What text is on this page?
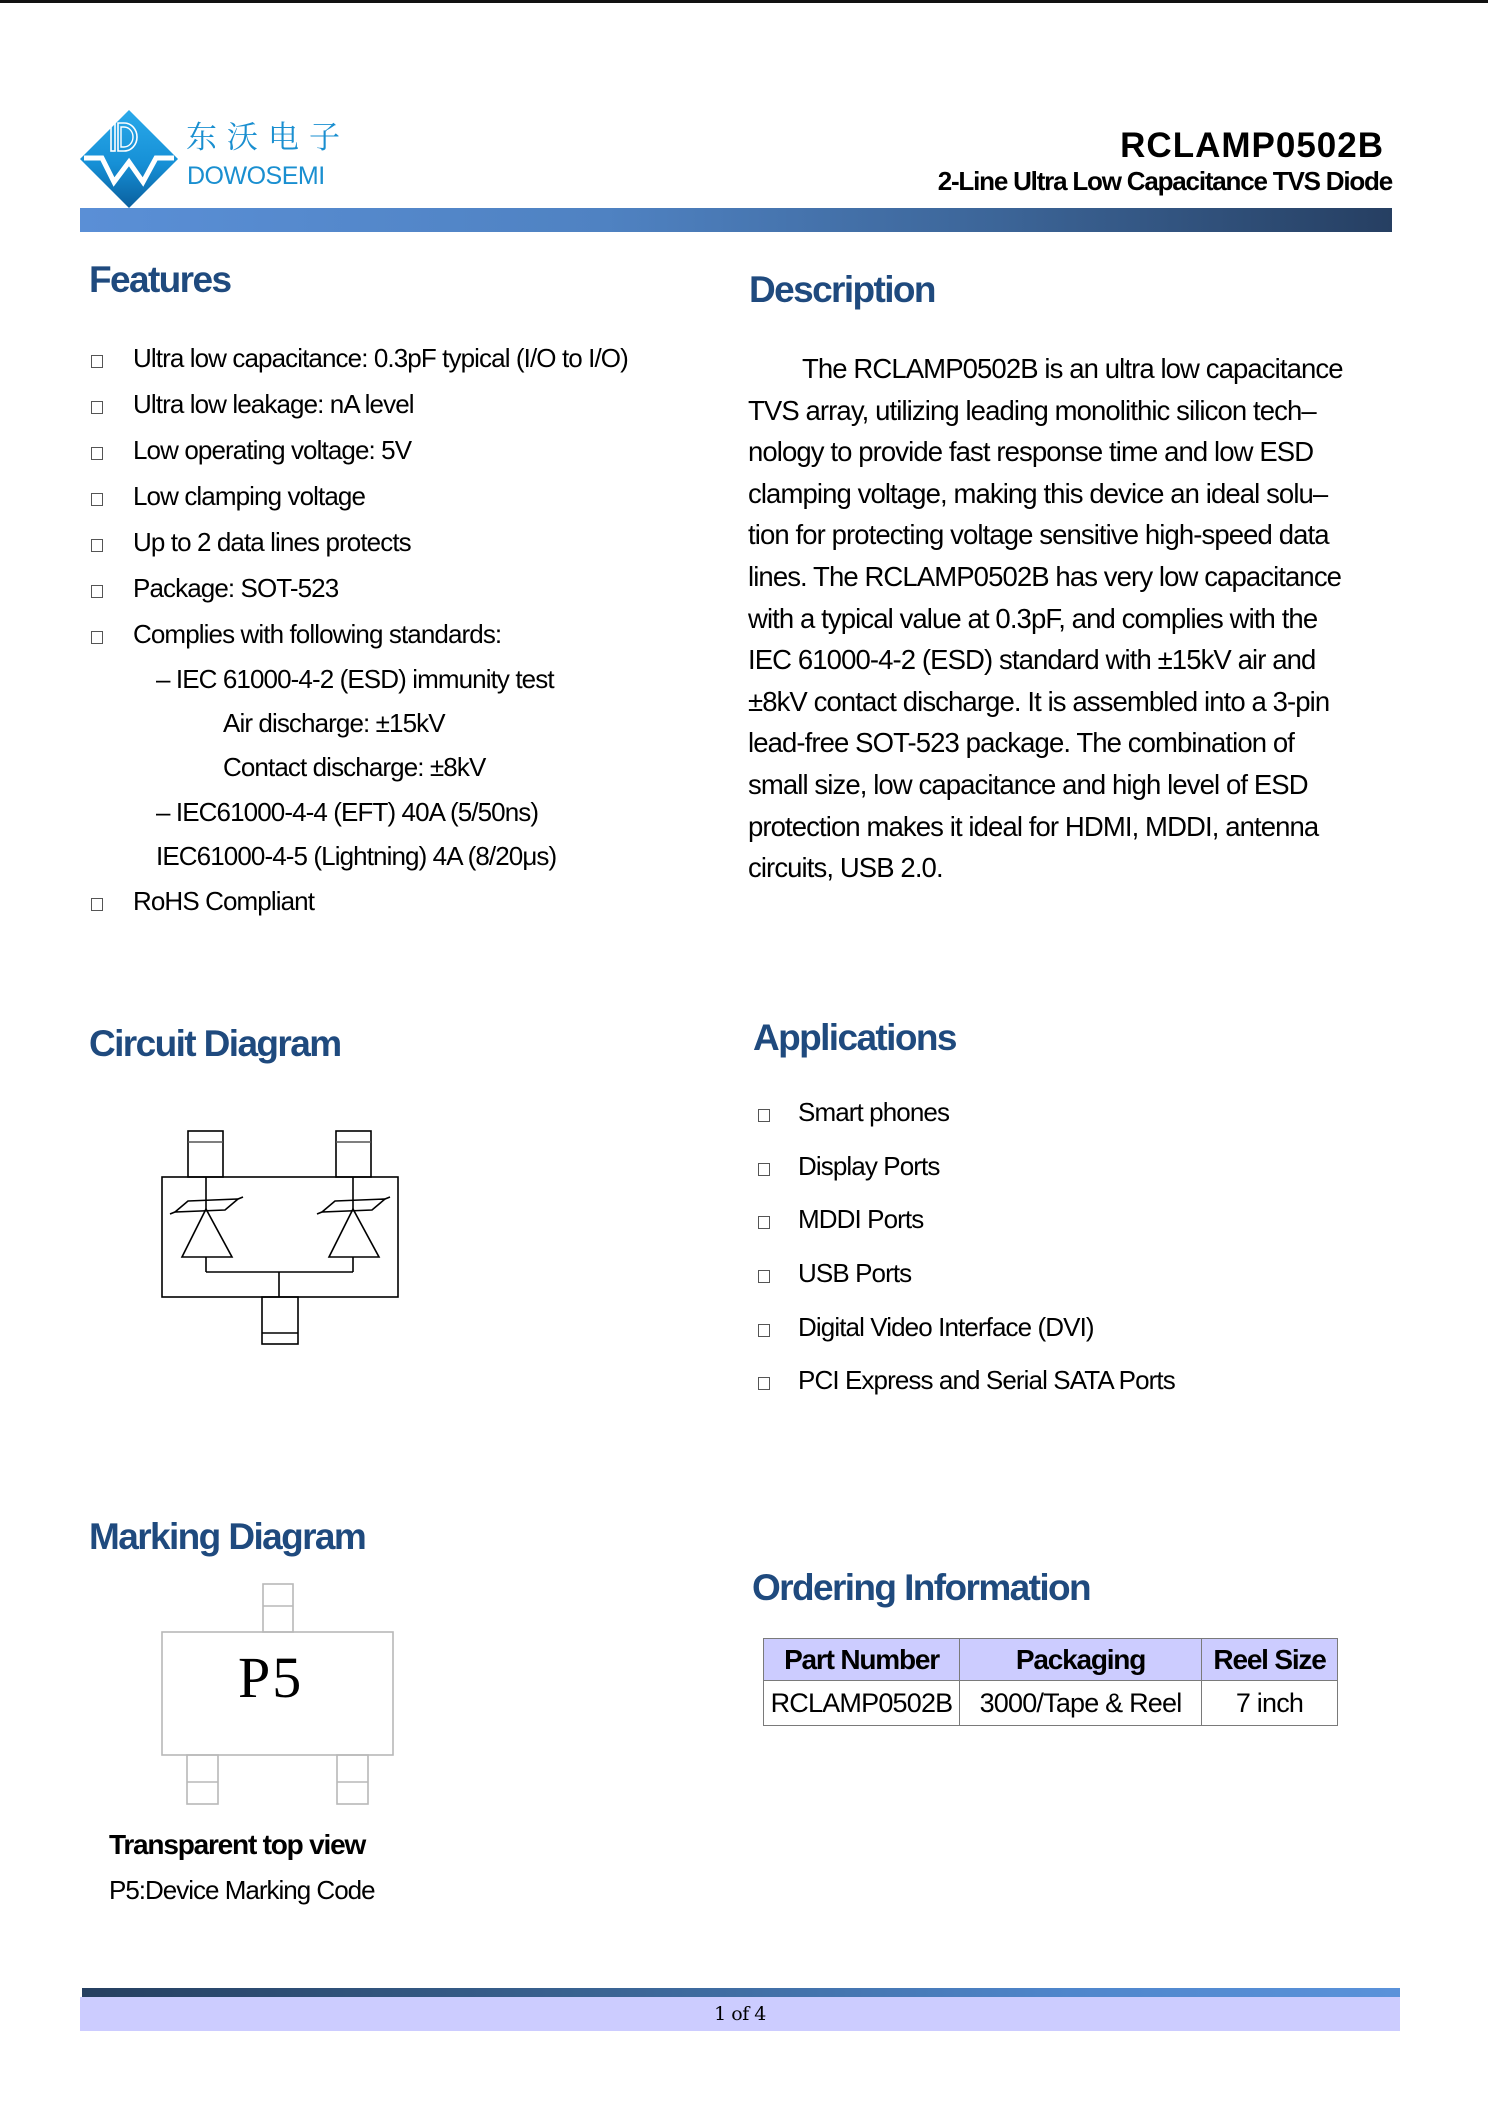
东沃电子
DOWOSEMI
RCLAMP0502B
2-Line Ultra Low Capacitance TVS Diode
Features
Ultra low capacitance: 0.3pF typical (I/O to I/O)
Ultra low leakage: nA level
Low operating voltage: 5V
Low clamping voltage
Up to 2 data lines protects
Package: SOT-523
Complies with following standards:
– IEC 61000-4-2 (ESD) immunity test
Air discharge: ±15kV
Contact discharge: ±8kV
– IEC61000-4-4 (EFT) 40A (5/50ns)
IEC61000-4-5 (Lightning) 4A (8/20μs)
RoHS Compliant
Description
The RCLAMP0502B is an ultra low capacitance
TVS array, utilizing leading monolithic silicon tech–
nology to provide fast response time and low ESD
clamping voltage, making this device an ideal solu–
tion for protecting voltage sensitive high-speed data
lines. The RCLAMP0502B has very low capacitance
with a typical value at 0.3pF, and complies with the
IEC 61000-4-2 (ESD) standard with ±15kV air and
±8kV contact discharge. It is assembled into a 3-pin
lead-free SOT-523 package. The combination of
small size, low capacitance and high level of ESD
protection makes it ideal for HDMI, MDDI, antenna
circuits, USB 2.0.
Circuit Diagram	Applications
Smart phones
Display Ports
MDDI Ports
USB Ports
Digital Video Interface (DVI)
PCI Express and Serial SATA Ports
Marking Diagram
P5
Transparent top view
P5:Device Marking Code
Ordering Information
Part Number	Packaging	Reel Size
RCLAMP0502B	3000/Tape & Reel	7 inch
1 of 4
